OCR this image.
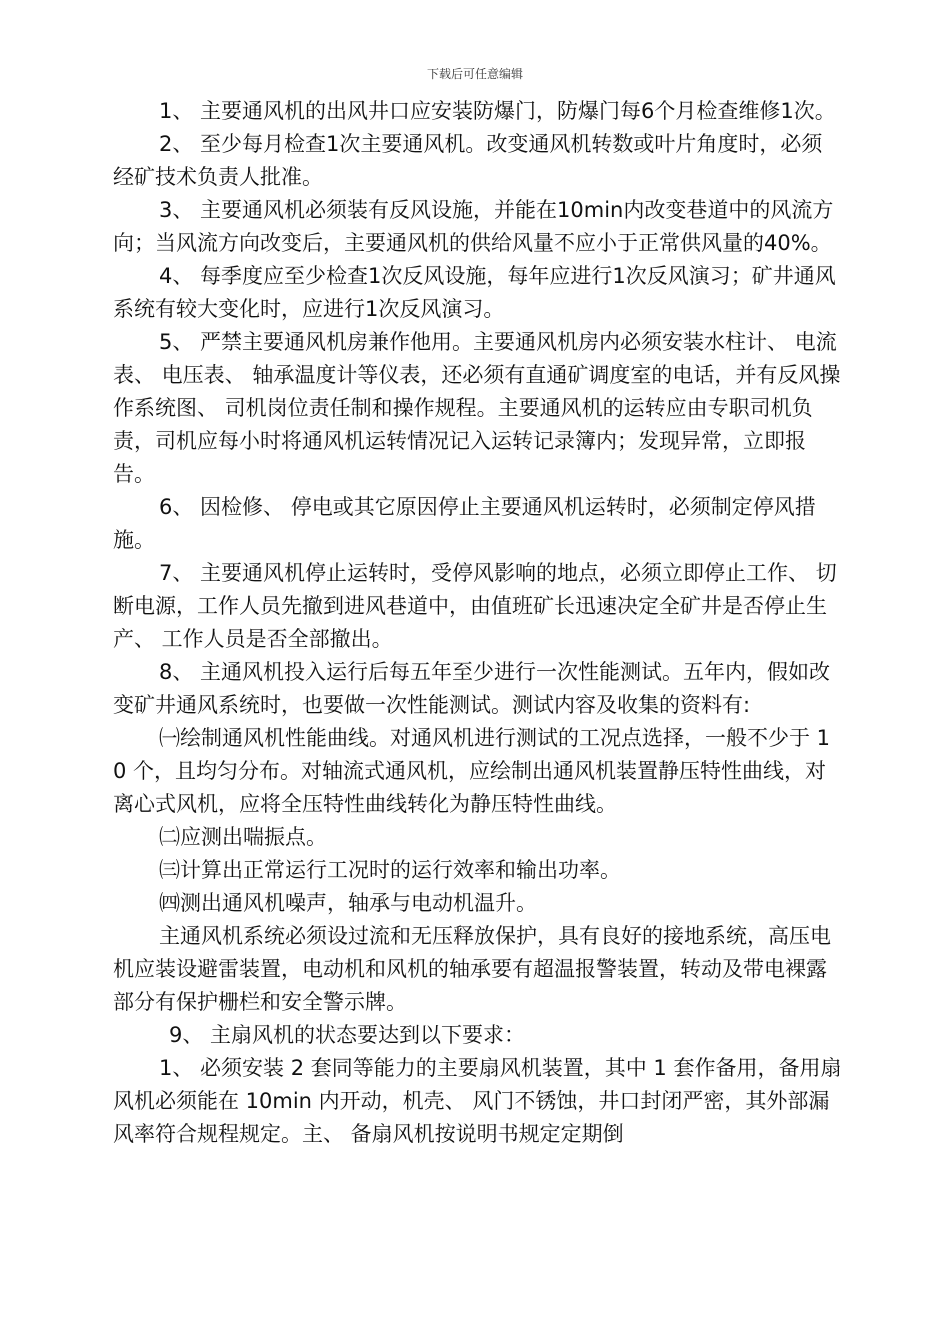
下载后可任意编辑

1、 主要通风机的出风井口应安装防爆门，防爆门每6个月检查维修1次。

2、 至少每月检查1次主要通风机。改变通风机转数或叶片角度时，必须经矿技术负责人批准。

3、 主要通风机必须装有反风设施，并能在10min内改变巷道中的风流方向；当风流方向改变后，主要通风机的供给风量不应小于正常供风量的40%。

4、 每季度应至少检查1次反风设施，每年应进行1次反风演习；矿井通风系统有较大变化时，应进行1次反风演习。

5、 严禁主要通风机房兼作他用。主要通风机房内必须安装水柱计、 电流表、 电压表、 轴承温度计等仪表，还必须有直通矿调度室的电话，并有反风操作系统图、 司机岗位责任制和操作规程。主要通风机的运转应由专职司机负责，司机应每小时将通风机运转情况记入运转记录簿内；发现异常，立即报告。

6、 因检修、 停电或其它原因停止主要通风机运转时，必须制定停风措施。

7、 主要通风机停止运转时，受停风影响的地点，必须立即停止工作、 切断电源，工作人员先撤到进风巷道中，由值班矿长迅速决定全矿井是否停止生产、 工作人员是否全部撤出。

8、 主通风机投入运行后每五年至少进行一次性能测试。五年内，假如改变矿井通风系统时，也要做一次性能测试。测试内容及收集的资料有:

㈠绘制通风机性能曲线。对通风机进行测试的工况点选择，一般不少于 10 个，且均匀分布。对轴流式通风机，应绘制出通风机装置静压特性曲线，对离心式风机，应将全压特性曲线转化为静压特性曲线。

㈡应测出喘振点。

㈢计算出正常运行工况时的运行效率和输出功率。

㈣测出通风机噪声，轴承与电动机温升。

主通风机系统必须设过流和无压释放保护，具有良好的接地系统，高压电机应装设避雷装置，电动机和风机的轴承要有超温报警装置，转动及带电裸露部分有保护栅栏和安全警示牌。

9、 主扇风机的状态要达到以下要求：

1、 必须安装 2 套同等能力的主要扇风机装置，其中 1 套作备用，备用扇风机必须能在 10min 内开动，机壳、 风门不锈蚀，井口封闭严密，其外部漏风率符合规程规定。主、 备扇风机按说明书规定定期倒
